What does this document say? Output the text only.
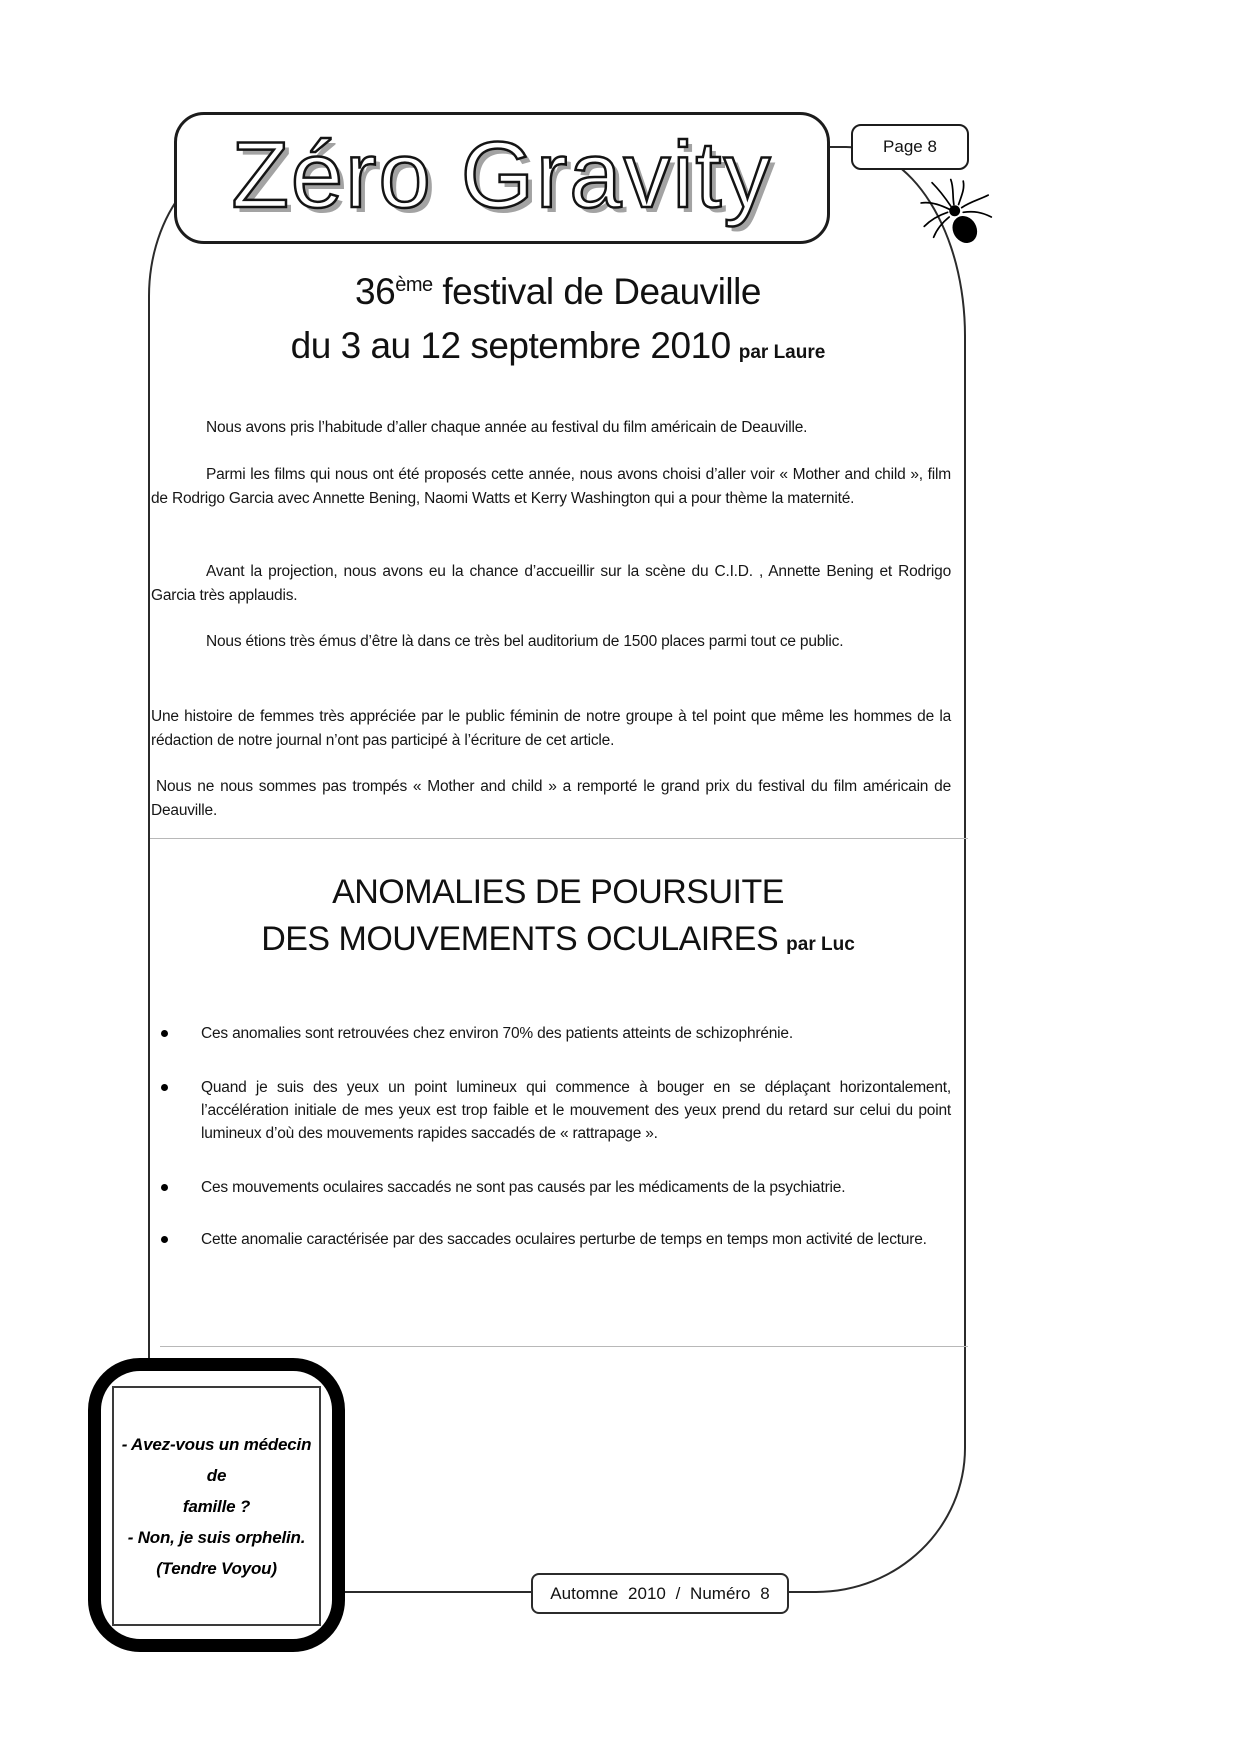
Zéro Gravity	Page 8
36ème festival de Deauville
du 3 au 12 septembre 2010 par Laure

Nous avons pris l’habitude d’aller chaque année au festival du film américain de Deauville.

Parmi les films qui nous ont été proposés cette année, nous avons choisi d’aller voir « Mother and child », film de Rodrigo Garcia avec Annette Bening, Naomi Watts et Kerry Washington qui a pour thème la maternité.

Avant la projection, nous avons eu la chance d’accueillir sur la scène du C.I.D. , Annette Bening et Rodrigo Garcia très applaudis.

Nous étions très émus d’être là dans ce très bel auditorium de 1500 places parmi tout ce public.

Une histoire de femmes très appréciée par le public féminin de notre groupe à tel point que même les hommes de la rédaction de notre journal n’ont pas participé à l’écriture de cet article.

Nous ne nous sommes pas trompés « Mother and child » a remporté le grand prix du festival du film américain de Deauville.

ANOMALIES DE POURSUITE
DES MOUVEMENTS OCULAIRES par Luc
Ces anomalies sont retrouvées chez environ 70% des patients atteints de schizophrénie.
Quand je suis des yeux un point lumineux qui commence à bouger en se déplaçant horizontalement, l’accélération initiale de mes yeux est trop faible et le mouvement des yeux prend du retard sur celui du point lumineux d’où des mouvements rapides saccadés de « rattrapage ».
Ces mouvements oculaires saccadés ne sont pas causés par les médicaments de la psychiatrie.
Cette anomalie caractérisée par des saccades oculaires perturbe de temps en temps mon activité de lecture.

- Avez-vous un médecin de

famille ?

- Non, je suis orphelin.

(Tendre Voyou)

Automne 2010 / Numéro 8
